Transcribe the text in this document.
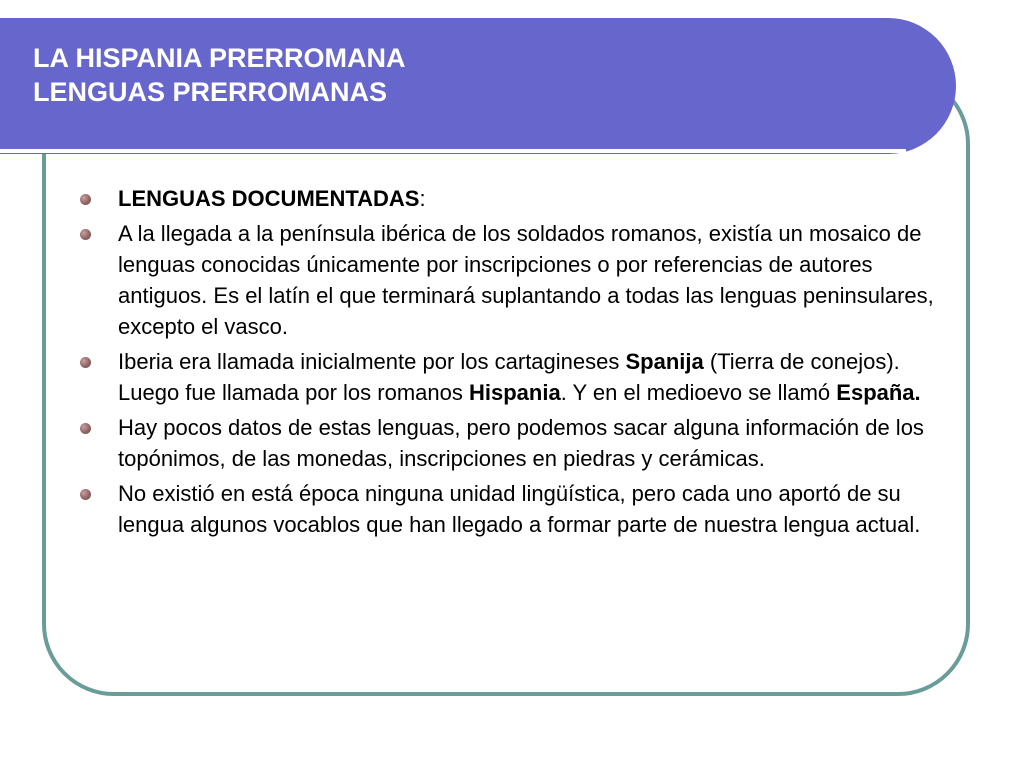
LA HISPANIA PRERROMANA
LENGUAS PRERROMANAS
LENGUAS DOCUMENTADAS:
A la llegada a la península ibérica de los soldados romanos, existía un mosaico de lenguas conocidas únicamente por inscripciones o por referencias de autores antiguos. Es el latín el que terminará suplantando a todas las lenguas peninsulares, excepto el vasco.
Iberia era llamada inicialmente por los cartagineses Spanija (Tierra de conejos). Luego fue llamada por los romanos Hispania. Y en el medioevo se llamó España.
Hay pocos datos de estas lenguas, pero podemos sacar alguna información de los topónimos, de las monedas, inscripciones en piedras y cerámicas.
No existió en está época ninguna unidad lingüística, pero cada uno aportó de su lengua algunos vocablos que han llegado a formar parte de nuestra lengua actual.
